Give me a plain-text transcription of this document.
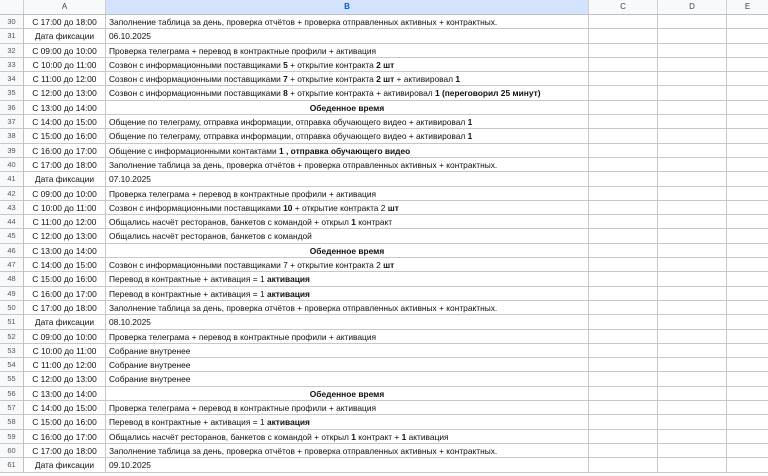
A	B	C	D	E
30	С 17:00 до 18:00	Заполнение таблица за день, проверка отчётов + проверка отправленных активных + контрактных.
31	Дата фиксации	06.10.2025
32	С 09:00 до 10:00	Проверка телеграма + перевод в контрактные профили + активация
33	С 10:00 до 11:00	Созвон с информационными поставщиками 5 + открытие контракта 2 шт
34	С 11:00 до 12:00	Созвон с информационными поставщиками 7 + открытие контракта 2 шт + активировал 1
35	С 12:00 до 13:00	Созвон с информационными поставщиками 8 + открытие контракта + активировал 1 (переговорил 25 минут)
36	С 13:00 до 14:00	Обеденное время
37	С 14:00 до 15:00	Общение по телеграму, отправка информации, отправка обучающего видео + активировал 1
38	С 15:00 до 16:00	Общение по телеграму, отправка информации, отправка обучающего видео + активировал 1
39	С 16:00 до 17:00	Общение с информационными контактами 1 , отправка обучающего видео
40	С 17:00 до 18:00	Заполнение таблица за день, проверка отчётов + проверка отправленных активных + контрактных.
41	Дата фиксации	07.10.2025
42	С 09:00 до 10:00	Проверка телеграма + перевод в контрактные профили + активация
43	С 10:00 до 11:00	Созвон с информационными поставщиками 10 + открытие контракта 2 шт
44	С 11:00 до 12:00	Общались насчёт ресторанов, банкетов с командой + открыл 1 контракт
45	С 12:00 до 13:00	Общались насчёт ресторанов, банкетов с командой
46	С 13:00 до 14:00	Обеденное время
47	С 14:00 до 15:00	Созвон с информационными поставщиками 7 + открытие контракта 2 шт
48	С 15:00 до 16:00	Перевод в контрактные + активация = 1 активация
49	С 16:00 до 17:00	Перевод в контрактные + активация = 1 активация
50	С 17:00 до 18:00	Заполнение таблица за день, проверка отчётов + проверка отправленных активных + контрактных.
51	Дата фиксации	08.10.2025
52	С 09:00 до 10:00	Проверка телеграма + перевод в контрактные профили + активация
53	С 10:00 до 11:00	Собрание внутренее
54	С 11:00 до 12:00	Собрание внутренее
55	С 12:00 до 13:00	Собрание внутренее
56	С 13:00 до 14:00	Обеденное время
57	С 14:00 до 15:00	Проверка телеграма + перевод в контрактные профили + активация
58	С 15:00 до 16:00	Перевод в контрактные + активация = 1 активация
59	С 16:00 до 17:00	Общались насчёт ресторанов, банкетов с командой + открыл 1 контракт + 1 активация
60	С 17:00 до 18:00	Заполнение таблица за день, проверка отчётов + проверка отправленных активных + контрактных.
61	Дата фиксации	09.10.2025
